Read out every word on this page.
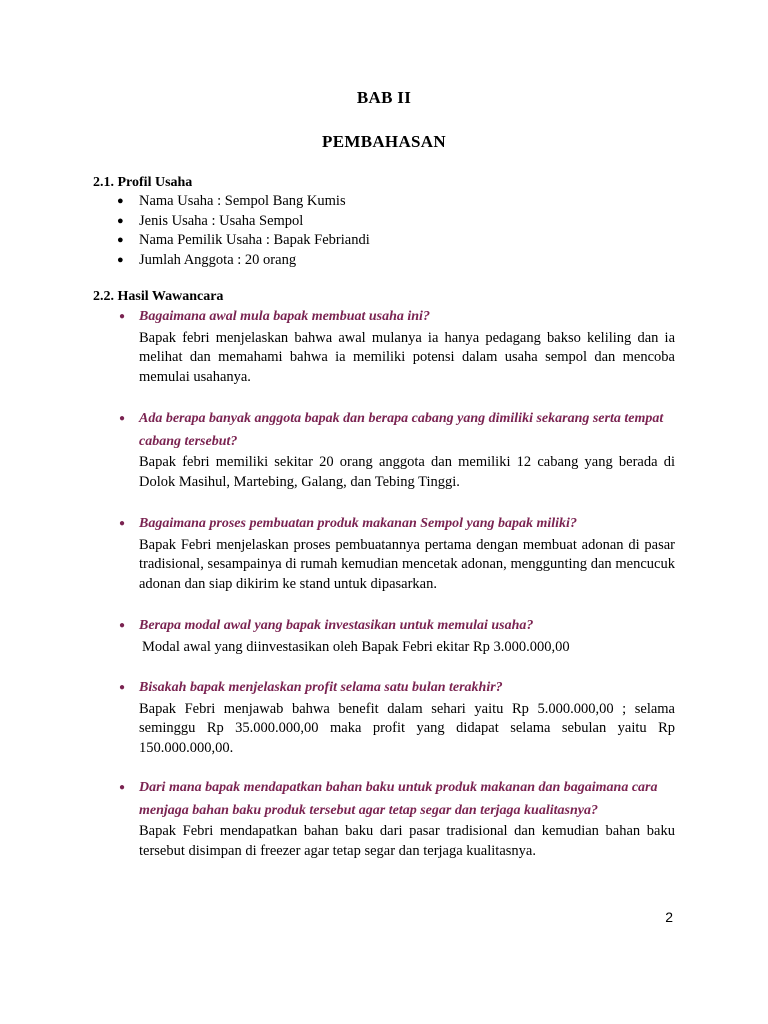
BAB II
PEMBAHASAN
2.1. Profil Usaha
● Nama Usaha : Sempol Bang Kumis
● Jenis Usaha : Usaha Sempol
● Nama Pemilik Usaha : Bapak Febriandi
● Jumlah Anggota : 20 orang
2.2. Hasil Wawancara
● Bagaimana awal mula bapak membuat usaha ini?
Bapak febri menjelaskan bahwa awal mulanya ia hanya pedagang bakso keliling dan ia melihat dan memahami bahwa ia memiliki potensi dalam usaha sempol dan mencoba memulai usahanya.
● Ada berapa banyak anggota bapak dan berapa cabang yang dimiliki sekarang serta tempat cabang tersebut?
Bapak febri memiliki sekitar 20 orang anggota dan memiliki 12 cabang yang berada di Dolok Masihul, Martebing, Galang, dan Tebing Tinggi.
● Bagaimana proses pembuatan produk makanan Sempol yang bapak miliki?
Bapak Febri menjelaskan proses pembuatannya pertama dengan membuat adonan di pasar tradisional, sesampainya di rumah kemudian mencetak adonan, menggunting dan mencucuk adonan dan siap dikirim ke stand untuk dipasarkan.
● Berapa modal awal yang bapak investasikan untuk memulai usaha?
Modal awal yang diinvestasikan oleh Bapak Febri ekitar Rp 3.000.000,00
● Bisakah bapak menjelaskan profit selama satu bulan terakhir?
Bapak Febri menjawab bahwa benefit dalam sehari yaitu Rp 5.000.000,00 ; selama seminggu Rp 35.000.000,00 maka profit yang didapat selama sebulan yaitu Rp 150.000.000,00.
● Dari mana bapak mendapatkan bahan baku untuk produk makanan dan bagaimana cara menjaga bahan baku produk tersebut agar tetap segar dan terjaga kualitasnya?
Bapak Febri mendapatkan bahan baku dari pasar tradisional dan kemudian bahan baku tersebut disimpan di freezer agar tetap segar dan terjaga kualitasnya.
2
